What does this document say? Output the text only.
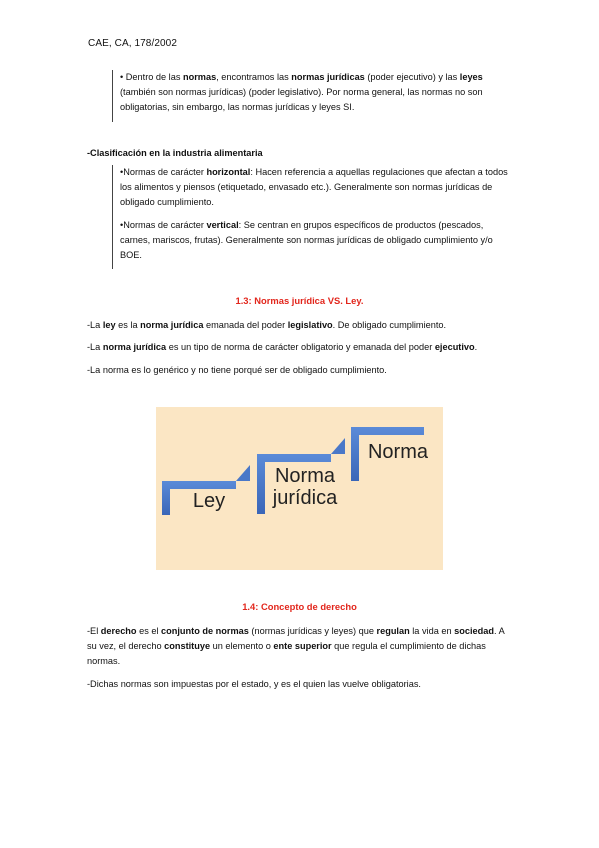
CAE, CA, 178/2002

• Dentro de las normas, encontramos las normas jurídicas (poder ejecutivo) y las leyes (también son normas jurídicas) (poder legislativo). Por norma general, las normas no son obligatorias, sin embargo, las normas jurídicas y leyes SI.

-Clasificación en la industria alimentaria

•Normas de carácter horizontal: Hacen referencia a aquellas regulaciones que afectan a todos los alimentos y piensos (etiquetado, envasado etc.). Generalmente son normas jurídicas de obligado cumplimiento.

•Normas de carácter vertical: Se centran en grupos específicos de productos (pescados, carnes, mariscos, frutas). Generalmente son normas jurídicas de obligado cumplimiento y/o BOE.

1.3: Normas jurídica VS. Ley.
-La ley es la norma jurídica emanada del poder legislativo. De obligado cumplimiento.
-La norma jurídica es un tipo de norma de carácter obligatorio y emanada del poder ejecutivo.
-La norma es lo genérico y no tiene porqué ser de obligado cumplimiento.
Ley
Norma
jurídica
Norma
1.4: Concepto de derecho
-El derecho es el conjunto de normas (normas jurídicas y leyes) que regulan la vida en sociedad. A su vez, el derecho constituye un elemento o ente superior que regula el cumplimiento de dichas normas.
-Dichas normas son impuestas por el estado, y es el quien las vuelve obligatorias.
